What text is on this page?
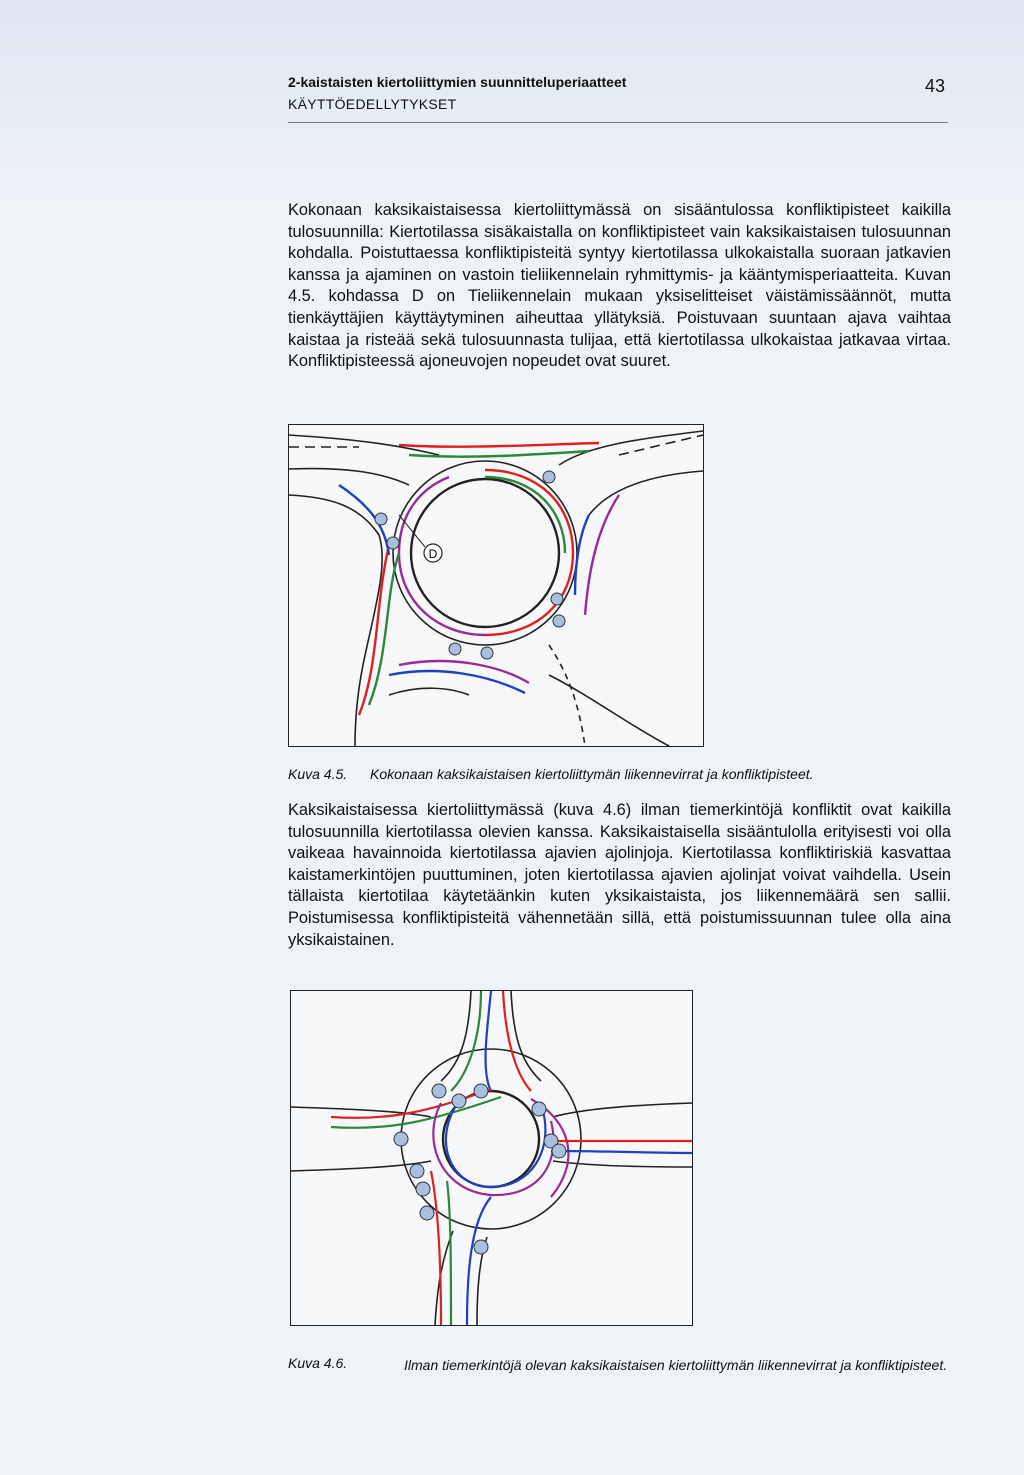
2-kaistaisten kiertoliittymien suunnitteluperiaatteet
KÄYTTÖEDELLYTYKSET
43

Kokonaan kaksikaistaisessa kiertoliittymässä on sisääntulossa konfliktipisteet kaikilla tulosuunnilla: Kiertotilassa sisäkaistalla on konfliktipisteet vain kaksikaistaisen tulosuunnan kohdalla. Poistuttaessa konfliktipisteitä syntyy kiertotilassa ulkokaistalla suoraan jatkavien kanssa ja ajaminen on vastoin tieliikennelain ryhmittymis- ja kääntymisperiaatteita. Kuvan 4.5. kohdassa D on Tieliikennelain mukaan yksiselitteiset väistämissäännöt, mutta tienkäyttäjien käyttäytyminen aiheuttaa yllätyksiä. Poistuvaan suuntaan ajava vaihtaa kaistaa ja risteää sekä tulosuunnasta tulijaa, että kiertotilassa ulkokaistaa jatkavaa virtaa. Konfliktipisteessä ajoneuvojen nopeudet ovat suuret.

D
Kuva 4.5. Kokonaan kaksikaistaisen kiertoliittymän liikennevirrat ja konfliktipisteet.

Kaksikaistaisessa kiertoliittymässä (kuva 4.6) ilman tiemerkintöjä konfliktit ovat kaikilla tulosuunnilla kiertotilassa olevien kanssa. Kaksikaistaisella sisääntulolla erityisesti voi olla vaikeaa havainnoida kiertotilassa ajavien ajolinjoja. Kiertotilassa konfliktiriskiä kasvattaa kaistamerkintöjen puuttuminen, joten kiertotilassa ajavien ajolinjat voivat vaihdella. Usein tällaista kiertotilaa käytetäänkin kuten yksikaistaista, jos liikennemäärä sen sallii. Poistumisessa konfliktipisteitä vähennetään sillä, että poistumissuunnan tulee olla aina yksikaistainen.

Kuva 4.6.	Ilman tiemerkintöjä olevan kaksikaistaisen kiertoliittymän liikennevirrat ja konfliktipisteet.
